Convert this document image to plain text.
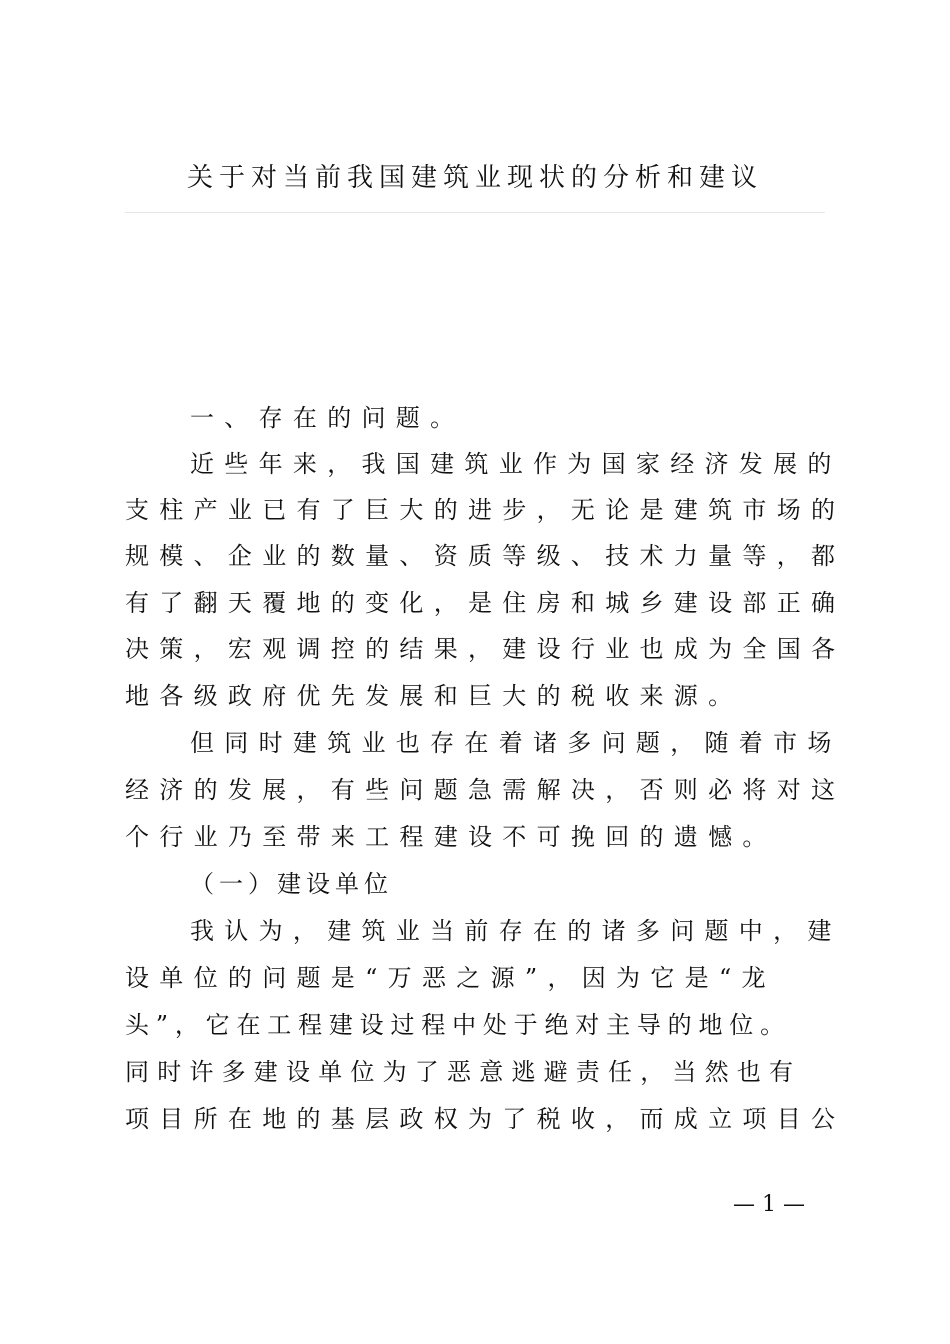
关于对当前我国建筑业现状的分析和建议
一、存在的问题。
近些年来，我国建筑业作为国家经济发展的
支柱产业已有了巨大的进步，无论是建筑市场的
规模、企业的数量、资质等级、技术力量等，都
有了翻天覆地的变化，是住房和城乡建设部正确
决策，宏观调控的结果，建设行业也成为全国各
地各级政府优先发展和巨大的税收来源。
但同时建筑业也存在着诸多问题，随着市场
经济的发展，有些问题急需解决，否则必将对这
个行业乃至带来工程建设不可挽回的遗憾。
（一）建设单位
我认为，建筑业当前存在的诸多问题中，建
设单位的问题是“万恶之源”，因为它是“龙
头”，它在工程建设过程中处于绝对主导的地位。
同时许多建设单位为了恶意逃避责任，当然也有
项目所在地的基层政权为了税收，而成立项目公
— 1 —
